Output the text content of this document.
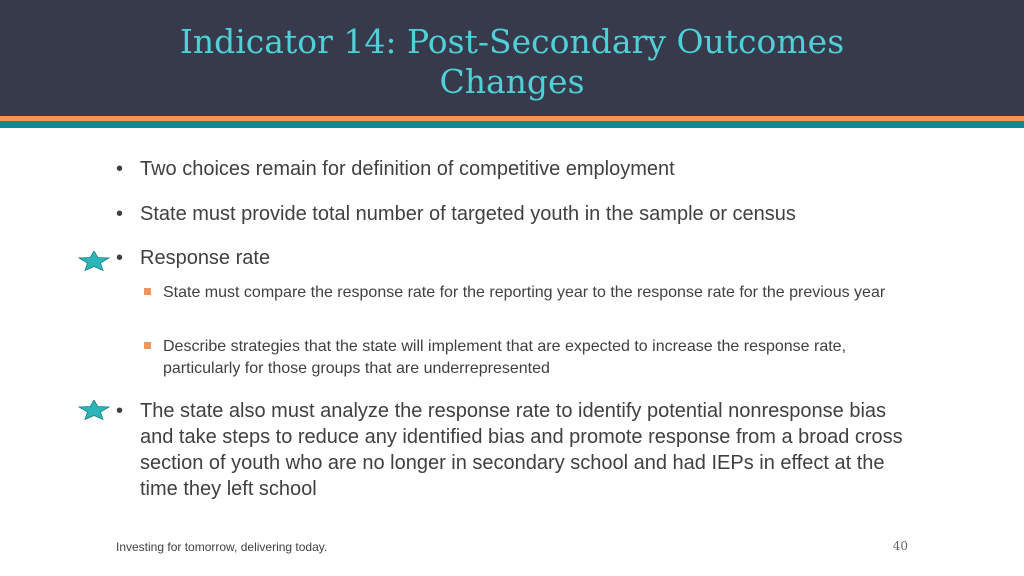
Indicator 14: Post-Secondary Outcomes
Changes
• Two choices remain for definition of competitive employment
• State must provide total number of targeted youth in the sample or census
• Response rate
State must compare the response rate for the reporting year to the response rate for the previous year
Describe strategies that the state will implement that are expected to increase the response rate, particularly for those groups that are underrepresented
• The state also must analyze the response rate to identify potential nonresponse bias and take steps to reduce any identified bias and promote response from a broad cross section of youth who are no longer in secondary school and had IEPs in effect at the time they left school
Investing for tomorrow, delivering today.	40
